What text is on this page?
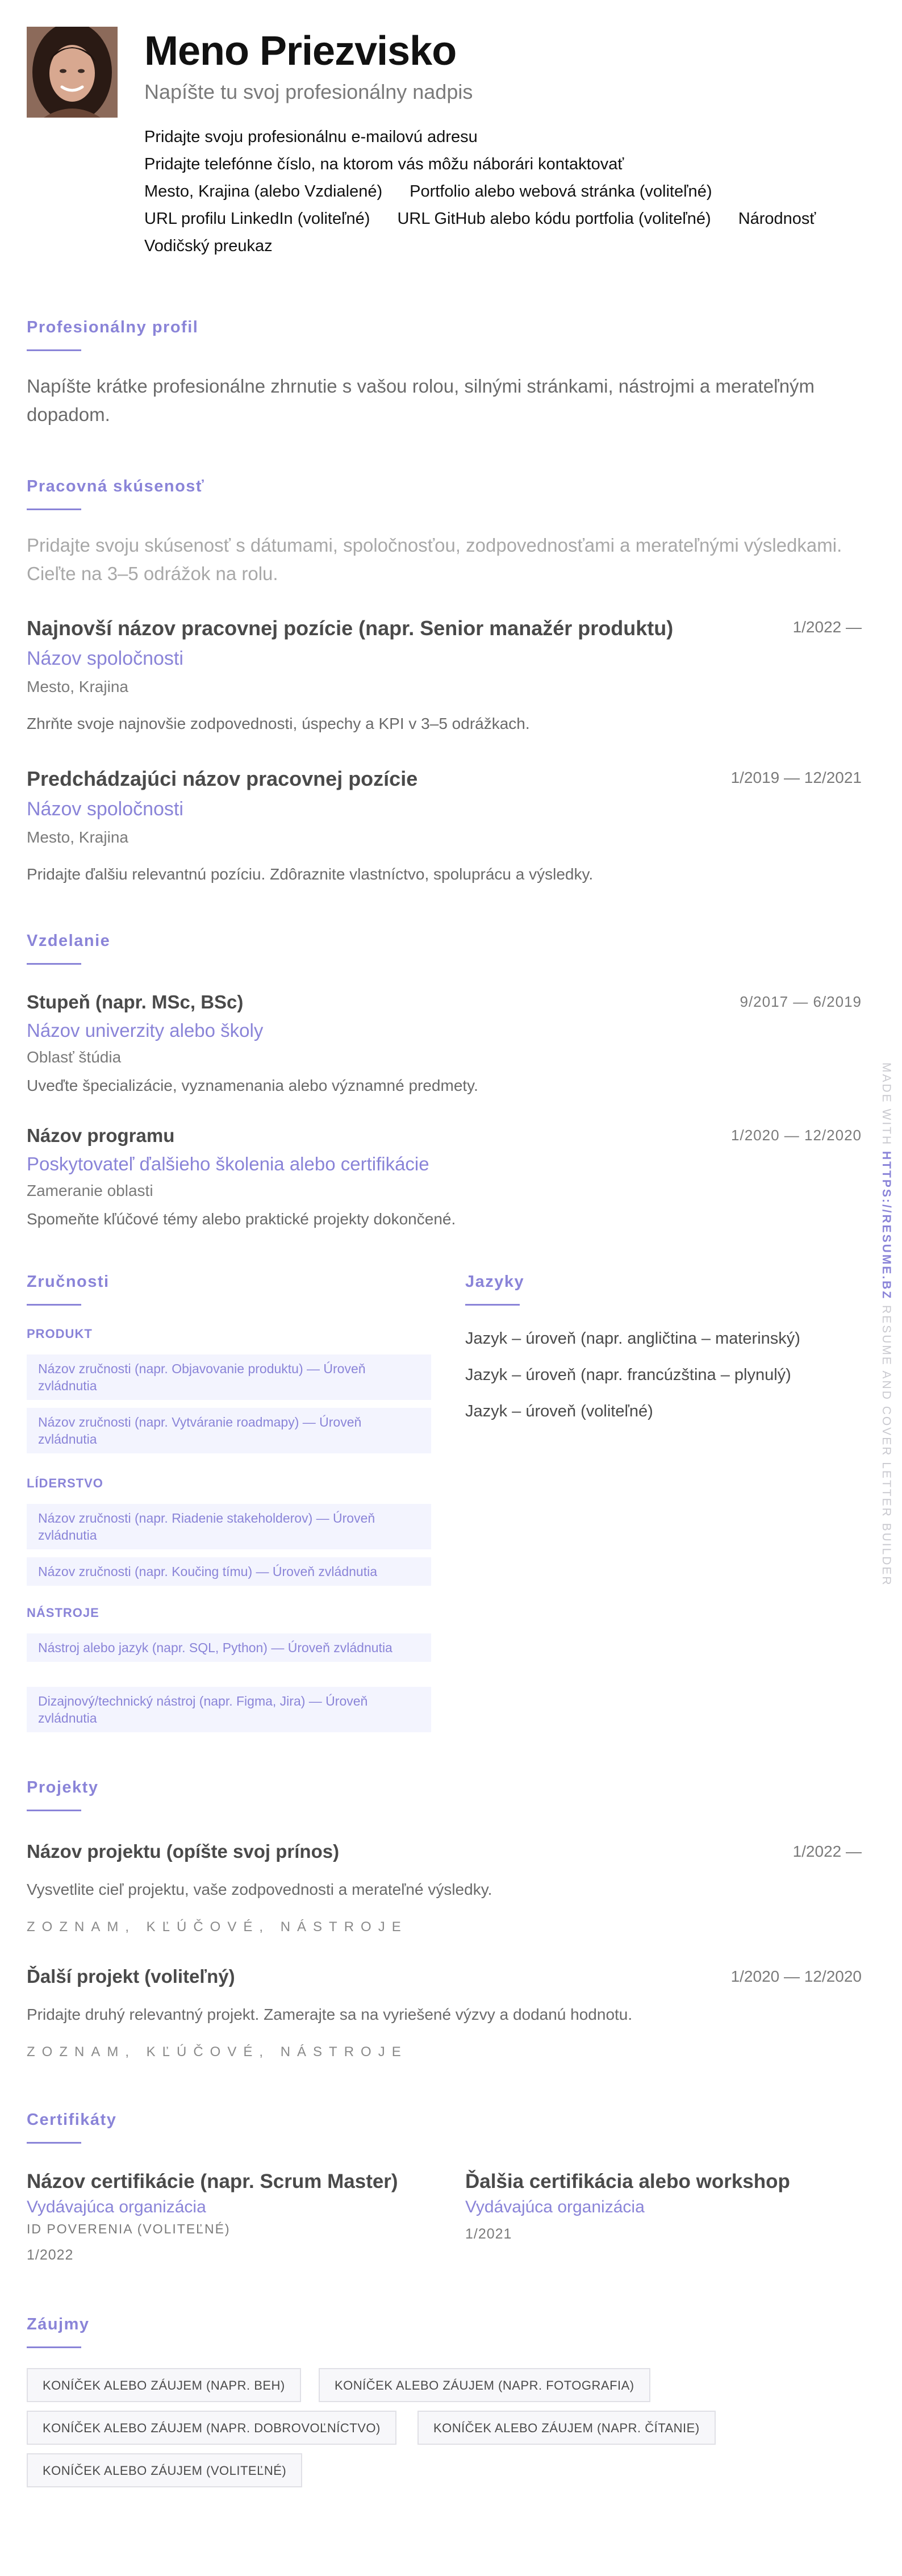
Meno Priezvisko
Napíšte tu svoj profesionálny nadpis
Pridajte svoju profesionálnu e-mailovú adresu
Pridajte telefónne číslo, na ktorom vás môžu náborári kontaktovať
Mesto, Krajina (alebo Vzdialené) Portfolio alebo webová stránka (voliteľné)
URL profilu LinkedIn (voliteľné) URL GitHub alebo kódu portfolia (voliteľné) Národnosť
Vodičský preukaz
Profesionálny profil
Napíšte krátke profesionálne zhrnutie s vašou rolou, silnými stránkami, nástrojmi a merateľným dopadom.
Pracovná skúsenosť
Pridajte svoju skúsenosť s dátumami, spoločnosťou, zodpovednosťami a merateľnými výsledkami. Cieľte na 3–5 odrážok na rolu.
Najnovší názov pracovnej pozície (napr. Senior manažér produktu)	1/2022 —
Názov spoločnosti
Mesto, Krajina
Zhrňte svoje najnovšie zodpovednosti, úspechy a KPI v 3–5 odrážkach.
Predchádzajúci názov pracovnej pozície	1/2019 — 12/2021
Názov spoločnosti
Mesto, Krajina
Pridajte ďalšiu relevantnú pozíciu. Zdôraznite vlastníctvo, spoluprácu a výsledky.
Vzdelanie
Stupeň (napr. MSc, BSc)	9/2017 — 6/2019
Názov univerzity alebo školy
Oblasť štúdia
Uveďte špecializácie, vyznamenania alebo významné predmety.
Názov programu	1/2020 — 12/2020
Poskytovateľ ďalšieho školenia alebo certifikácie
Zameranie oblasti
Spomeňte kľúčové témy alebo praktické projekty dokončené.
Zručnosti
PRODUKT
Názov zručnosti (napr. Objavovanie produktu) — Úroveň zvládnutia
Názov zručnosti (napr. Vytváranie roadmapy) — Úroveň zvládnutia
LÍDERSTVO
Názov zručnosti (napr. Riadenie stakeholderov) — Úroveň zvládnutia
Názov zručnosti (napr. Koučing tímu) — Úroveň zvládnutia
NÁSTROJE
Nástroj alebo jazyk (napr. SQL, Python) — Úroveň zvládnutia
Dizajnový/technický nástroj (napr. Figma, Jira) — Úroveň zvládnutia
Jazyky
Jazyk – úroveň (napr. angličtina – materinský)
Jazyk – úroveň (napr. francúzština – plynulý)
Jazyk – úroveň (voliteľné)
Projekty
Názov projektu (opíšte svoj prínos)	1/2022 —
Vysvetlite cieľ projektu, vaše zodpovednosti a merateľné výsledky.
ZOZNAM, KĽÚČOVÉ, NÁSTROJE
Ďalší projekt (voliteľný)	1/2020 — 12/2020
Pridajte druhý relevantný projekt. Zamerajte sa na vyriešené výzvy a dodanú hodnotu.
ZOZNAM, KĽÚČOVÉ, NÁSTROJE
Certifikáty
Názov certifikácie (napr. Scrum Master)
Vydávajúca organizácia
ID POVERENIA (VOLITEĽNÉ)
1/2022
Ďalšia certifikácia alebo workshop
Vydávajúca organizácia
1/2021
Záujmy
KONÍČEK ALEBO ZÁUJEM (NAPR. BEH)	KONÍČEK ALEBO ZÁUJEM (NAPR. FOTOGRAFIA)
KONÍČEK ALEBO ZÁUJEM (NAPR. DOBROVOĽNÍCTVO)	KONÍČEK ALEBO ZÁUJEM (NAPR. ČÍTANIE)
KONÍČEK ALEBO ZÁUJEM (VOLITEĽNÉ)
MADE WITH HTTPS://RESUME.BZ RESUME AND COVER LETTER BUILDER
